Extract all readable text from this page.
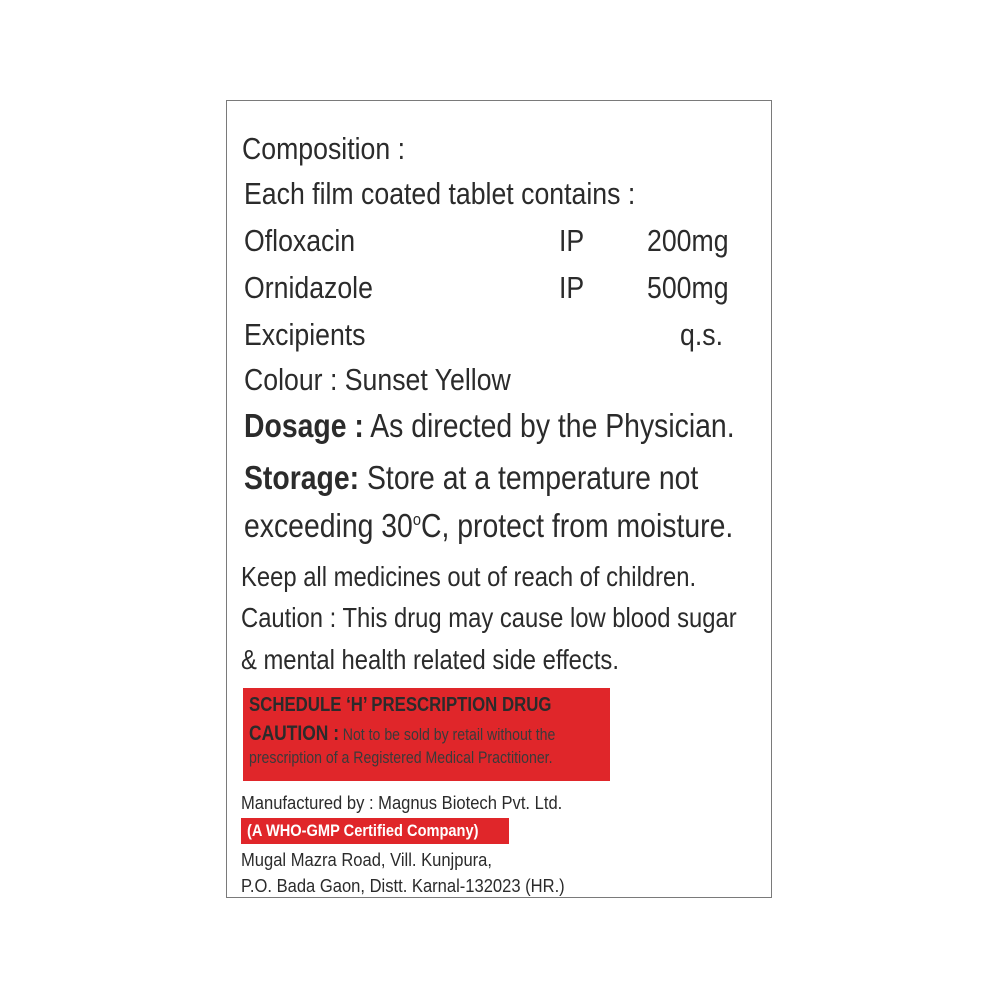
Composition :
Each film coated tablet contains :
Ofloxacin	IP 200mg
Ornidazole	IP 500mg
Excipients	q.s.
Colour : Sunset Yellow
Dosage : As directed by the Physician.
Storage: Store at a temperature not
exceeding 30$^o$C, protect from moisture.
Keep all medicines out of reach of children.
Caution : This drug may cause low blood sugar
& mental health related side effects.
SCHEDULE ‘H’ PRESCRIPTION DRUG
CAUTION : Not to be sold by retail without the
prescription of a Registered Medical Practitioner.
Manufactured by : Magnus Biotech Pvt. Ltd.
(A WHO-GMP Certified Company)
Mugal Mazra Road, Vill. Kunjpura,
P.O. Bada Gaon, Distt. Karnal-132023 (HR.)
